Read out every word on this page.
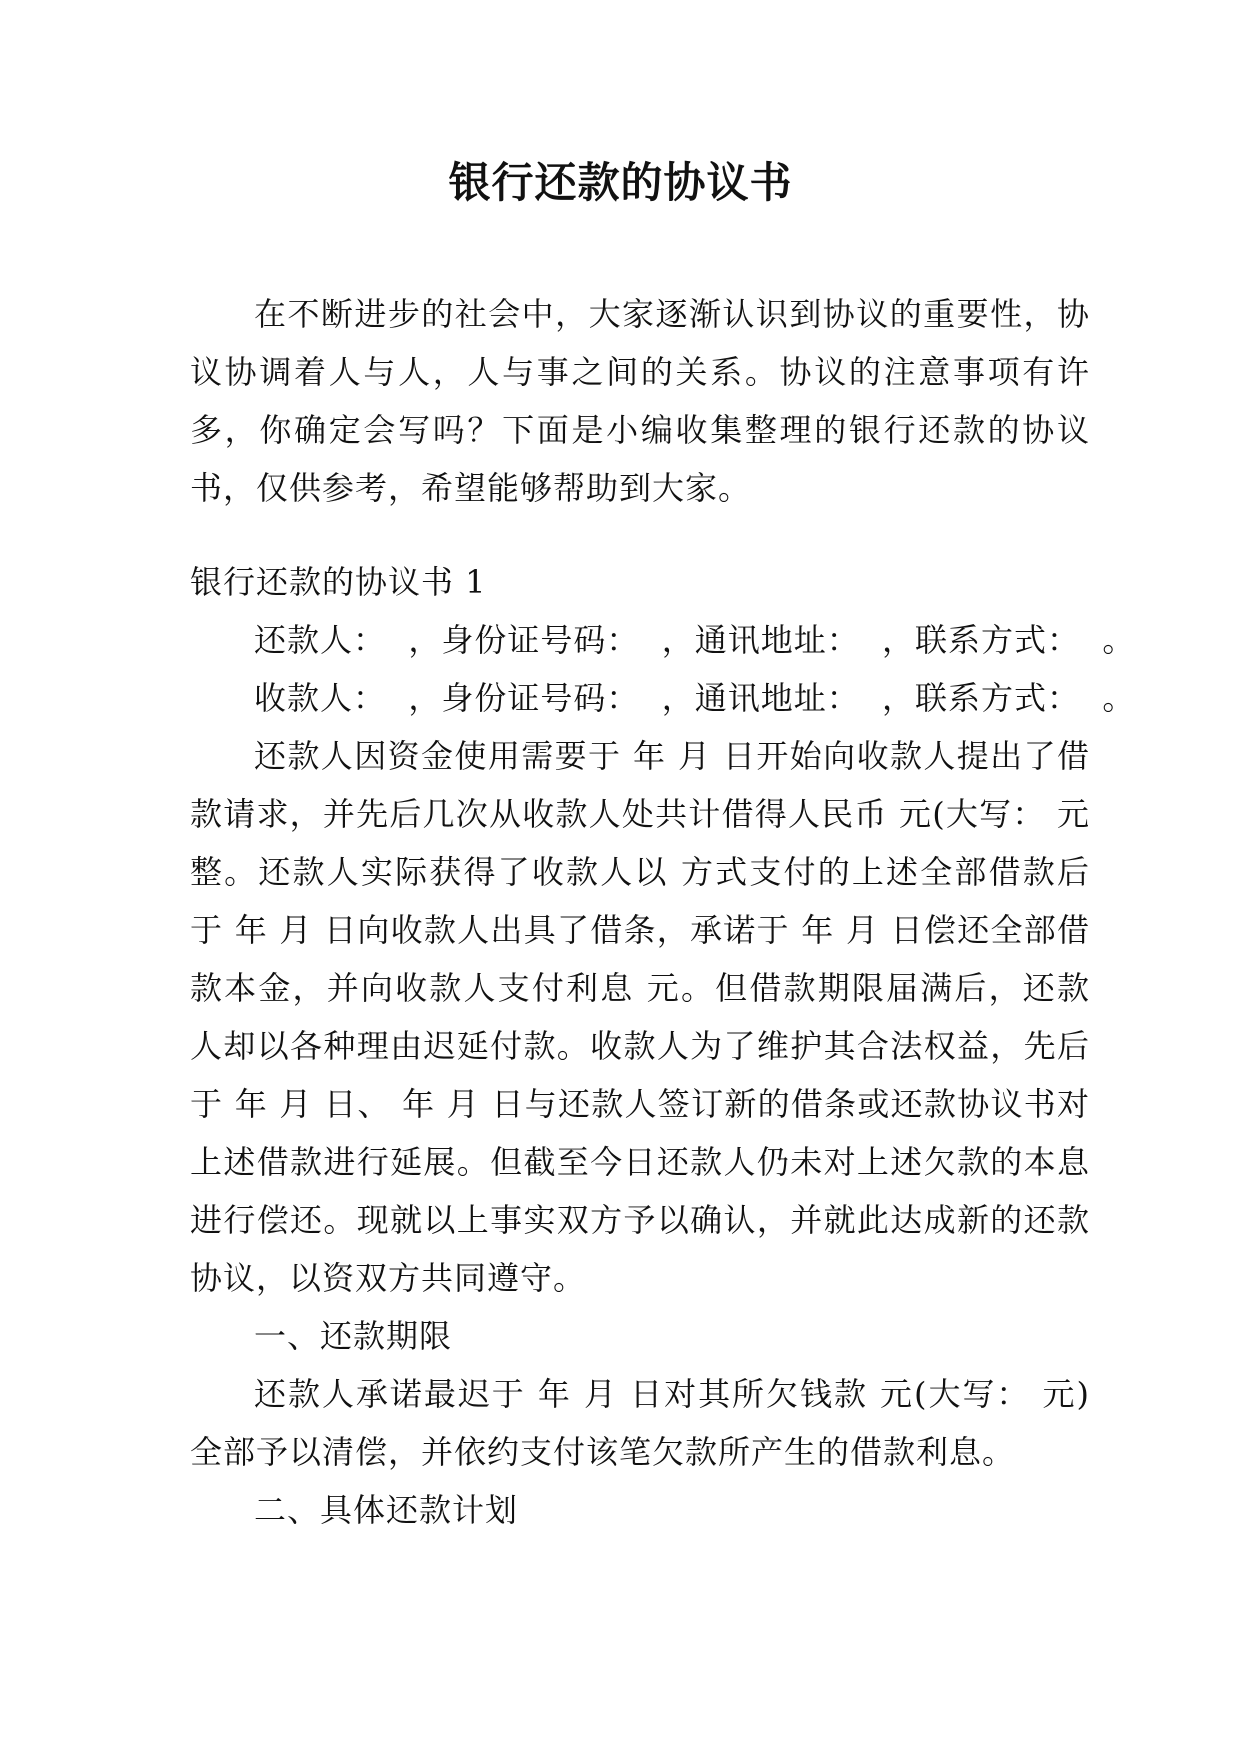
银行还款的协议书

在不断进步的社会中，大家逐渐认识到协议的重要性，协议协调着人与人，人与事之间的关系。协议的注意事项有许多，你确定会写吗？下面是小编收集整理的银行还款的协议书，仅供参考，希望能够帮助到大家。

银行还款的协议书 1

还款人：  ，身份证号码：  ，通讯地址：  ，联系方式：  。

收款人：  ，身份证号码：  ，通讯地址：  ，联系方式：  。

还款人因资金使用需要于 年 月 日开始向收款人提出了借款请求，并先后几次从收款人处共计借得人民币 元(大写： 元整。还款人实际获得了收款人以 方式支付的上述全部借款后于 年 月 日向收款人出具了借条，承诺于 年 月 日偿还全部借款本金，并向收款人支付利息 元。但借款期限届满后，还款人却以各种理由迟延付款。收款人为了维护其合法权益，先后于 年 月 日、 年 月 日与还款人签订新的借条或还款协议书对上述借款进行延展。但截至今日还款人仍未对上述欠款的本息进行偿还。现就以上事实双方予以确认，并就此达成新的还款协议，以资双方共同遵守。

一、还款期限

还款人承诺最迟于 年 月 日对其所欠钱款 元(大写： 元)全部予以清偿，并依约支付该笔欠款所产生的借款利息。

二、具体还款计划
